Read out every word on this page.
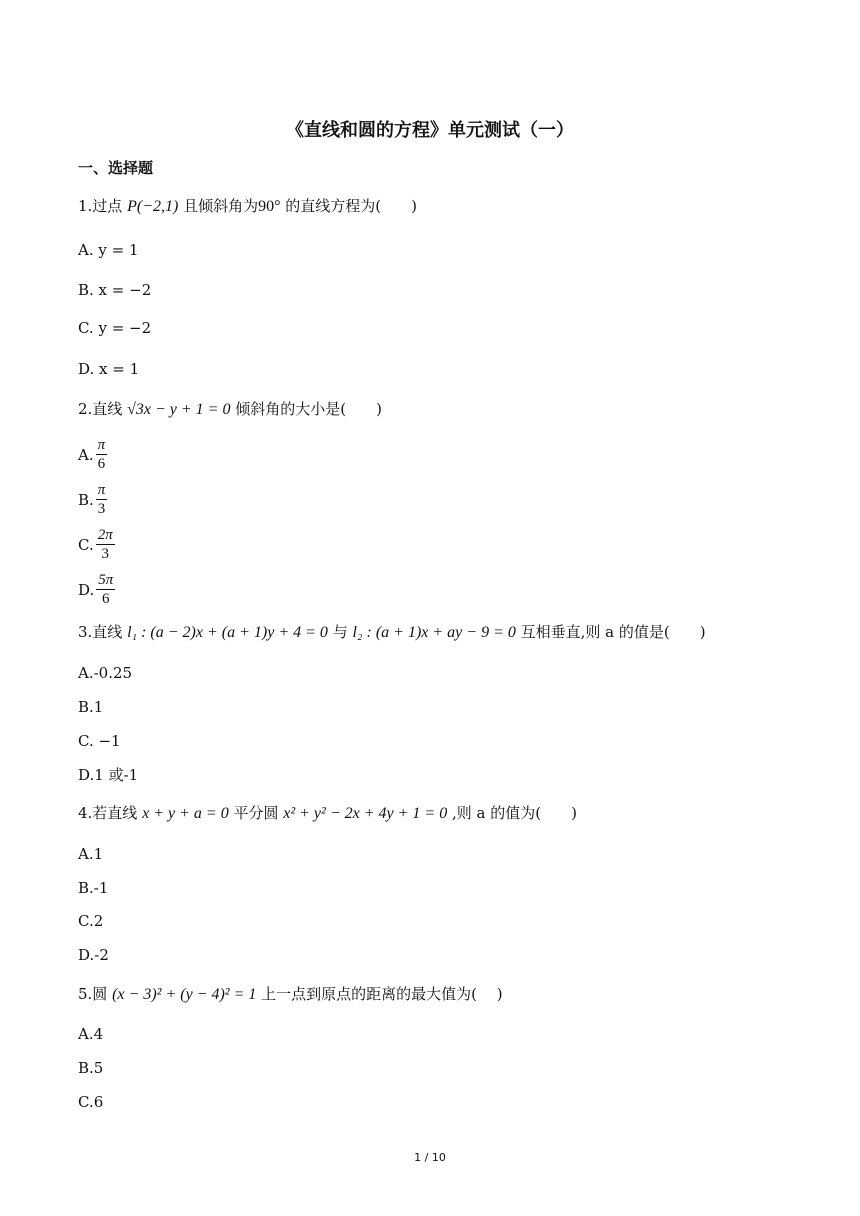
《直线和圆的方程》单元测试（一）
一、选择题
1.过点 P(−2,1) 且倾斜角为90° 的直线方程为(　　)
A. y = 1
B. x = −2
C. y = −2
D. x = 1
2.直线 √3x − y + 1 = 0 倾斜角的大小是(　　)
A. $\frac{\pi}{6}$
B. $\frac{\pi}{3}$
C. $\frac{2\pi}{3}$
D. $\frac{5\pi}{6}$
3.直线 l₁ : (a − 2)x + (a + 1)y + 4 = 0 与 l₂ : (a + 1)x + ay − 9 = 0 互相垂直,则 a 的值是(　　)
A.-0.25
B.1
C. −1
D.1 或-1
4.若直线 x + y + a = 0 平分圆 x² + y² − 2x + 4y + 1 = 0 ,则 a 的值为(　　)
A.1
B.-1
C.2
D.-2
5.圆 (x − 3)² + (y − 4)² = 1 上一点到原点的距离的最大值为(　 )
A.4
B.5
C.6
1 / 10
